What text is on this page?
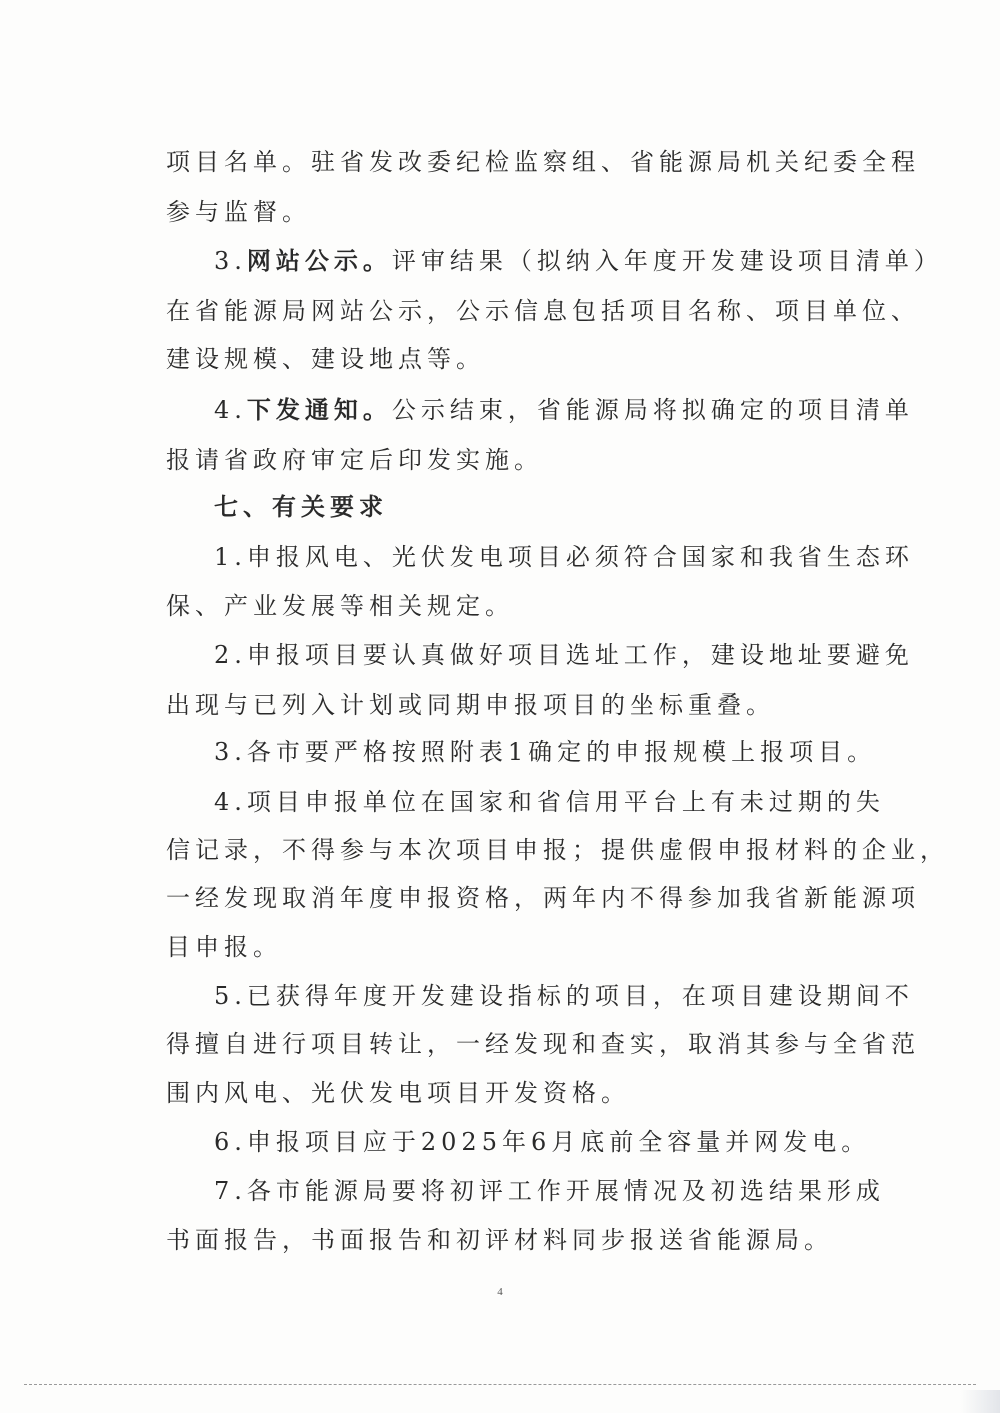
项目名单。驻省发改委纪检监察组、省能源局机关纪委全程
参与监督。
3.网站公示。评审结果（拟纳入年度开发建设项目清单）
在省能源局网站公示，公示信息包括项目名称、项目单位、
建设规模、建设地点等。
4.下发通知。公示结束，省能源局将拟确定的项目清单
报请省政府审定后印发实施。
七、有关要求
1.申报风电、光伏发电项目必须符合国家和我省生态环
保、产业发展等相关规定。
2.申报项目要认真做好项目选址工作，建设地址要避免
出现与已列入计划或同期申报项目的坐标重叠。
3.各市要严格按照附表1确定的申报规模上报项目。
4.项目申报单位在国家和省信用平台上有未过期的失
信记录，不得参与本次项目申报；提供虚假申报材料的企业，
一经发现取消年度申报资格，两年内不得参加我省新能源项
目申报。
5.已获得年度开发建设指标的项目，在项目建设期间不
得擅自进行项目转让，一经发现和查实，取消其参与全省范
围内风电、光伏发电项目开发资格。
6.申报项目应于2025年6月底前全容量并网发电。
7.各市能源局要将初评工作开展情况及初选结果形成
书面报告，书面报告和初评材料同步报送省能源局。
4
